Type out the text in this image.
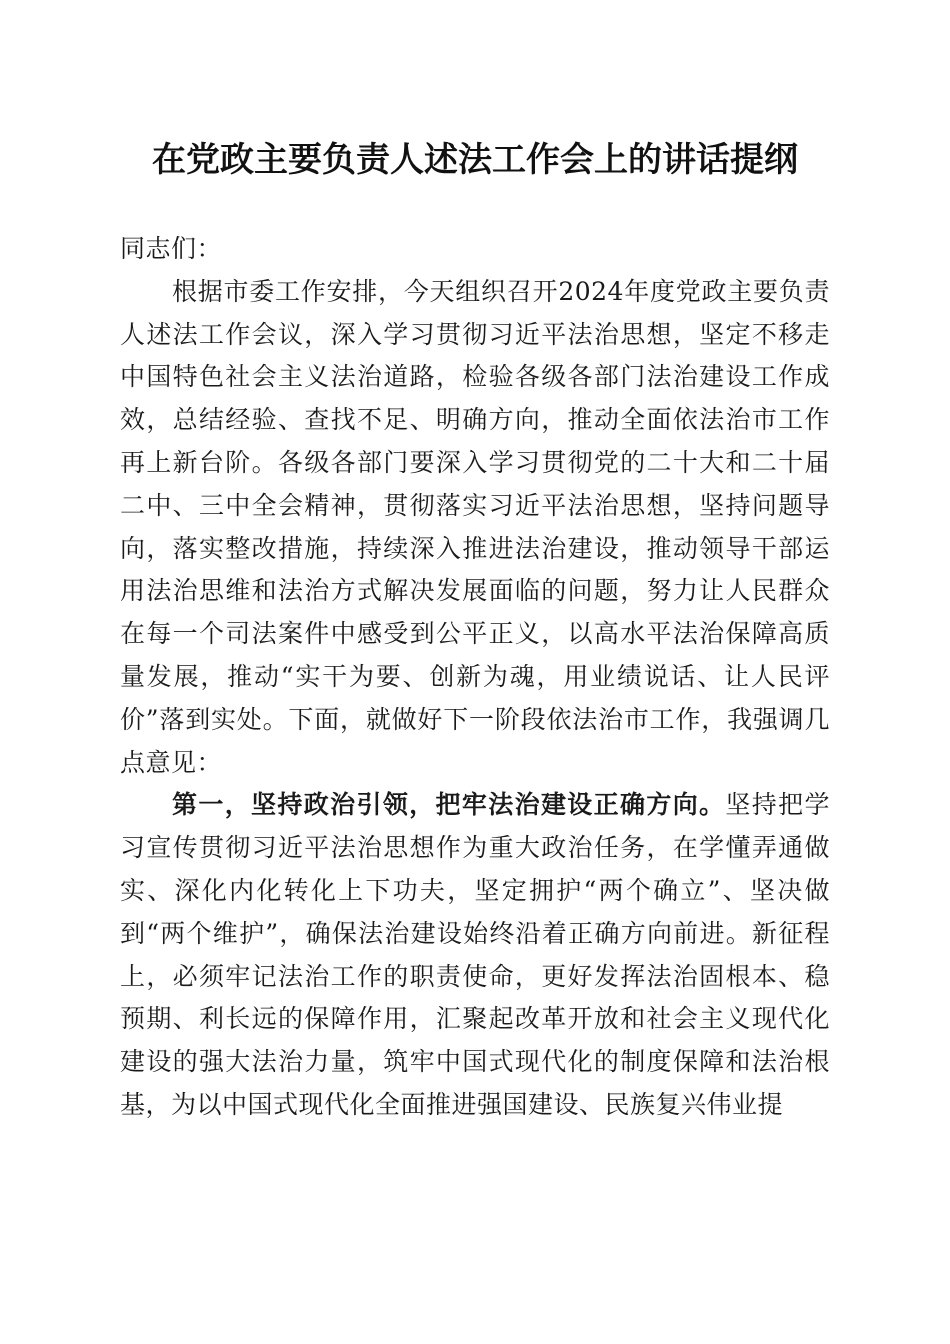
在党政主要负责人述法工作会上的讲话提纲

同志们：

根据市委工作安排，今天组织召开2024年度党政主要负责人述法工作会议，深入学习贯彻习近平法治思想，坚定不移走中国特色社会主义法治道路，检验各级各部门法治建设工作成效，总结经验、查找不足、明确方向，推动全面依法治市工作再上新台阶。各级各部门要深入学习贯彻党的二十大和二十届二中、三中全会精神，贯彻落实习近平法治思想，坚持问题导向，落实整改措施，持续深入推进法治建设，推动领导干部运用法治思维和法治方式解决发展面临的问题，努力让人民群众在每一个司法案件中感受到公平正义，以高水平法治保障高质量发展，推动“实干为要、创新为魂，用业绩说话、让人民评价”落到实处。下面，就做好下一阶段依法治市工作，我强调几点意见：

第一，坚持政治引领，把牢法治建设正确方向。坚持把学习宣传贯彻习近平法治思想作为重大政治任务，在学懂弄通做实、深化内化转化上下功夫，坚定拥护“两个确立”、坚决做到“两个维护”，确保法治建设始终沿着正确方向前进。新征程上，必须牢记法治工作的职责使命，更好发挥法治固根本、稳预期、利长远的保障作用，汇聚起改革开放和社会主义现代化建设的强大法治力量，筑牢中国式现代化的制度保障和法治根基，为以中国式现代化全面推进强国建设、民族复兴伟业提
